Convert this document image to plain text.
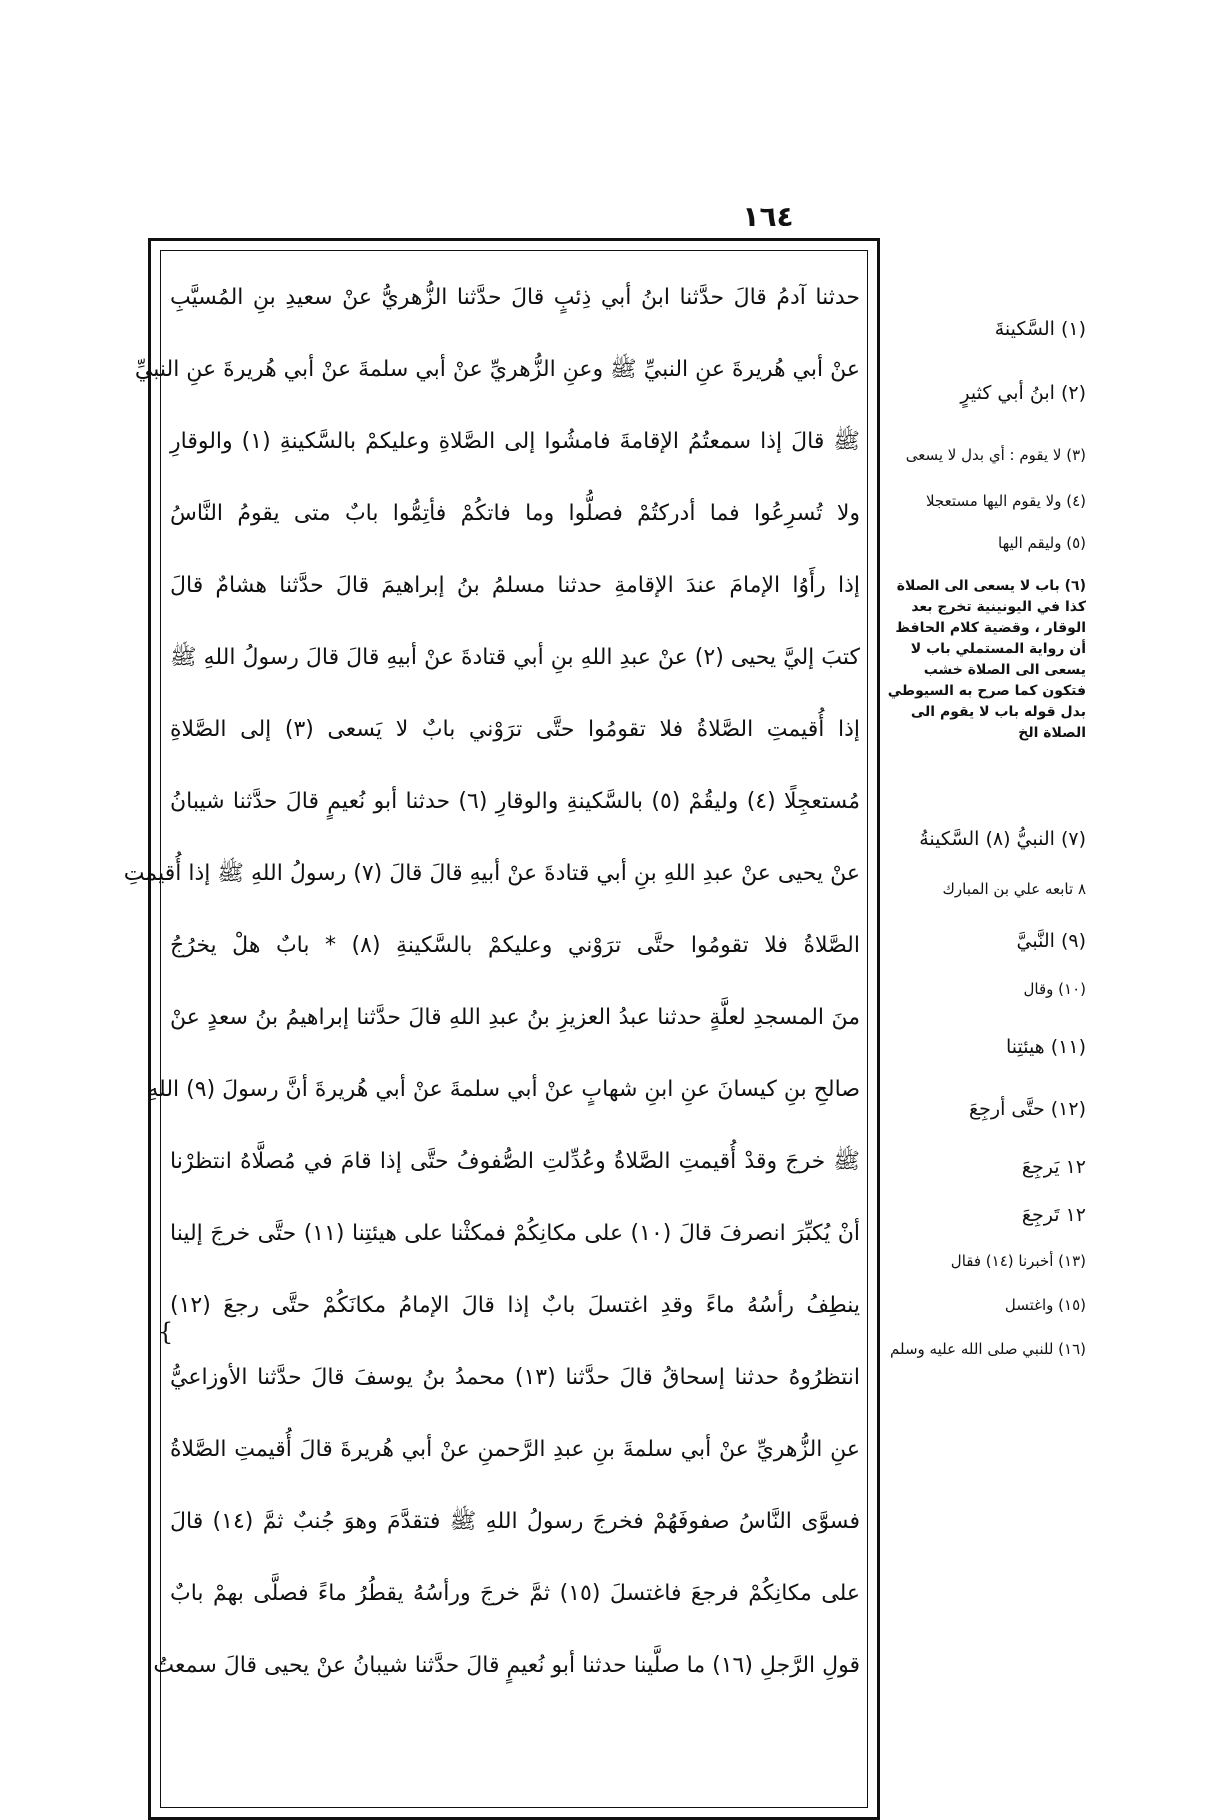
١٦٤
حدثنا آدمُ قالَ حدَّثنا ابنُ أبي ذِئبٍ قالَ حدَّثنا الزُّهريُّ عنْ سعيدِ بنِ المُسيَّبِ
عنْ أبي هُريرةَ عنِ النبيِّ ﷺ وعنِ الزُّهريِّ عنْ أبي سلمةَ عنْ أبي هُريرةَ عنِ النبيِّ
ﷺ قالَ إذا سمعتُمُ الإقامةَ فامشُوا إلى الصَّلاةِ وعليكمْ بالسَّكينةِ (١) والوقارِ
ولا تُسرِعُوا فما أدركتُمْ فصلُّوا وما فاتكُمْ فأتِمُّوا بابٌ متى يقومُ النَّاسُ
إذا رأَوُا الإمامَ عندَ الإقامةِ حدثنا مسلمُ بنُ إبراهيمَ قالَ حدَّثنا هشامٌ قالَ
كتبَ إليَّ يحيى (٢) عنْ عبدِ اللهِ بنِ أبي قتادةَ عنْ أبيهِ قالَ قالَ رسولُ اللهِ ﷺ
إذا أُقيمتِ الصَّلاةُ فلا تقومُوا حتَّى ترَوْني بابٌ لا يَسعى (٣) إلى الصَّلاةِ
مُستعجِلًا (٤) وليقُمْ (٥) بالسَّكينةِ والوقارِ (٦) حدثنا أبو نُعيمٍ قالَ حدَّثنا شيبانُ
عنْ يحيى عنْ عبدِ اللهِ بنِ أبي قتادةَ عنْ أبيهِ قالَ قالَ (٧) رسولُ اللهِ ﷺ إذا أُقيمتِ
الصَّلاةُ فلا تقومُوا حتَّى ترَوْني وعليكمْ بالسَّكينةِ (٨) * بابٌ هلْ يخرُجُ
منَ المسجدِ لعلَّةٍ حدثنا عبدُ العزيزِ بنُ عبدِ اللهِ قالَ حدَّثنا إبراهيمُ بنُ سعدٍ عنْ
صالحِ بنِ كيسانَ عنِ ابنِ شهابٍ عنْ أبي سلمةَ عنْ أبي هُريرةَ أنَّ رسولَ (٩) اللهِ
ﷺ خرجَ وقدْ أُقيمتِ الصَّلاةُ وعُدِّلتِ الصُّفوفُ حتَّى إذا قامَ في مُصلَّاهُ انتظرْنا
أنْ يُكبِّرَ انصرفَ قالَ (١٠) على مكانِكُمْ فمكثْنا على هيئتِنا (١١) حتَّى خرجَ إلينا
ينطِفُ رأسُهُ ماءً وقدِ اغتسلَ بابٌ إذا قالَ الإمامُ مكانَكُمْ حتَّى رجعَ (١٢)
انتظرُوهُ حدثنا إسحاقُ قالَ حدَّثنا (١٣) محمدُ بنُ يوسفَ قالَ حدَّثنا الأوزاعيُّ
عنِ الزُّهريِّ عنْ أبي سلمةَ بنِ عبدِ الرَّحمنِ عنْ أبي هُريرةَ قالَ أُقيمتِ الصَّلاةُ
فسوَّى النَّاسُ صفوفَهُمْ فخرجَ رسولُ اللهِ ﷺ فتقدَّمَ وهوَ جُنبٌ ثمَّ (١٤) قالَ
على مكانِكُمْ فرجعَ فاغتسلَ (١٥) ثمَّ خرجَ ورأسُهُ يقطُرُ ماءً فصلَّى بهمْ بابٌ
قولِ الرَّجلِ (١٦) ما صلَّينا حدثنا أبو نُعيمٍ قالَ حدَّثنا شيبانُ عنْ يحيى قالَ سمعتُ
(١) السَّكينةَ
(٢) ابنُ أبي كثيرٍ
(٣) لا يقوم : أي بدل لا يسعى
(٤) ولا يقوم اليها مستعجلا
(٥) وليقم اليها
(٦) باب لا يسعى الى الصلاة كذا في اليونينية تخرج بعد الوقار ، وقضية كلام الحافظ أن رواية المستملي باب لا يسعى الى الصلاة خشب فتكون كما صرح به السيوطي بدل قوله باب لا يقوم الى الصلاة الخ
(٧) النبيُّ (٨) السَّكينةُ
٨ تابعه علي بن المبارك
(٩) النَّبيَّ
(١٠) وقال
(١١) هيئتِنا
(١٢) حتَّى أرجِعَ
١٢ يَرجِعَ
١٢ تَرجِعَ
(١٣) أخبرنا (١٤) فقال
(١٥) واغتسل
(١٦) للنبي صلى الله عليه وسلم
{
